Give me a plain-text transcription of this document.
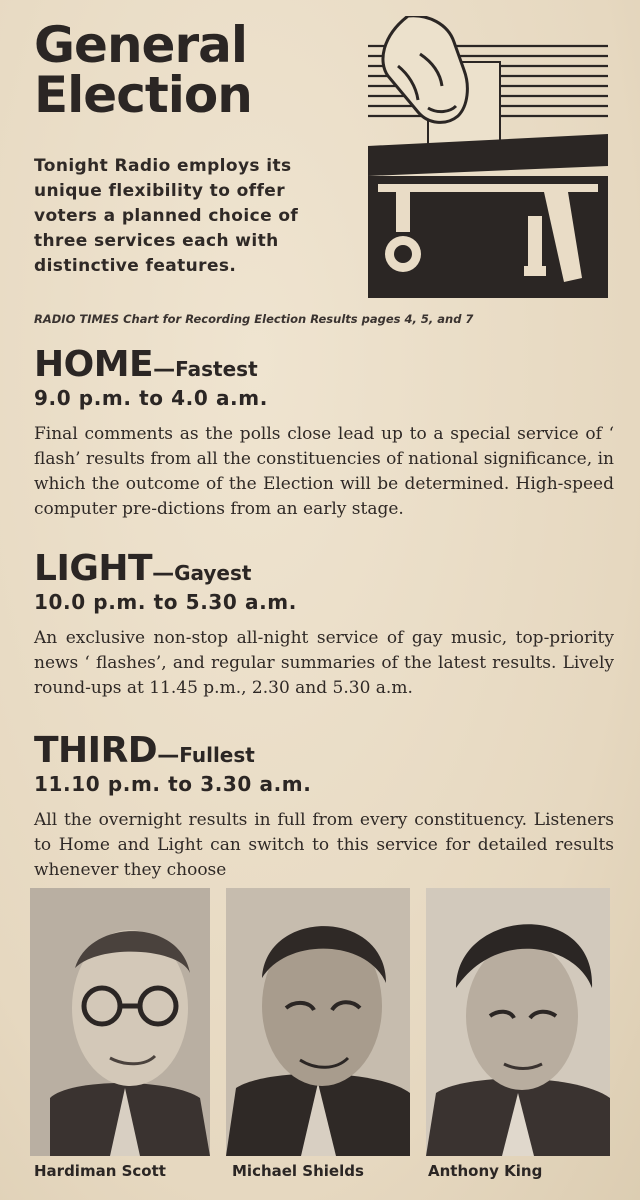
General
Election
Tonight Radio employs its unique flexibility to offer voters a planned choice of three services each with distinctive features.
RADIO TIMES Chart for Recording Election Results pages 4, 5, and 7
HOME—Fastest
9.0 p.m. to 4.0 a.m.
Final comments as the polls close lead up to a special service of ‘ flash’ results from all the constituencies of national significance, in which the outcome of the Election will be determined. High-speed computer pre-dictions from an early stage.
LIGHT—Gayest
10.0 p.m. to 5.30 a.m.
An exclusive non-stop all-night service of gay music, top-priority news ‘ flashes’, and regular summaries of the latest results. Lively round-ups at 11.45 p.m., 2.30 and 5.30 a.m.
THIRD—Fullest
11.10 p.m. to 3.30 a.m.
All the overnight results in full from every constituency. Listeners to Home and Light can switch to this service for detailed results whenever they choose
Hardiman Scott	Michael Shields	Anthony King
